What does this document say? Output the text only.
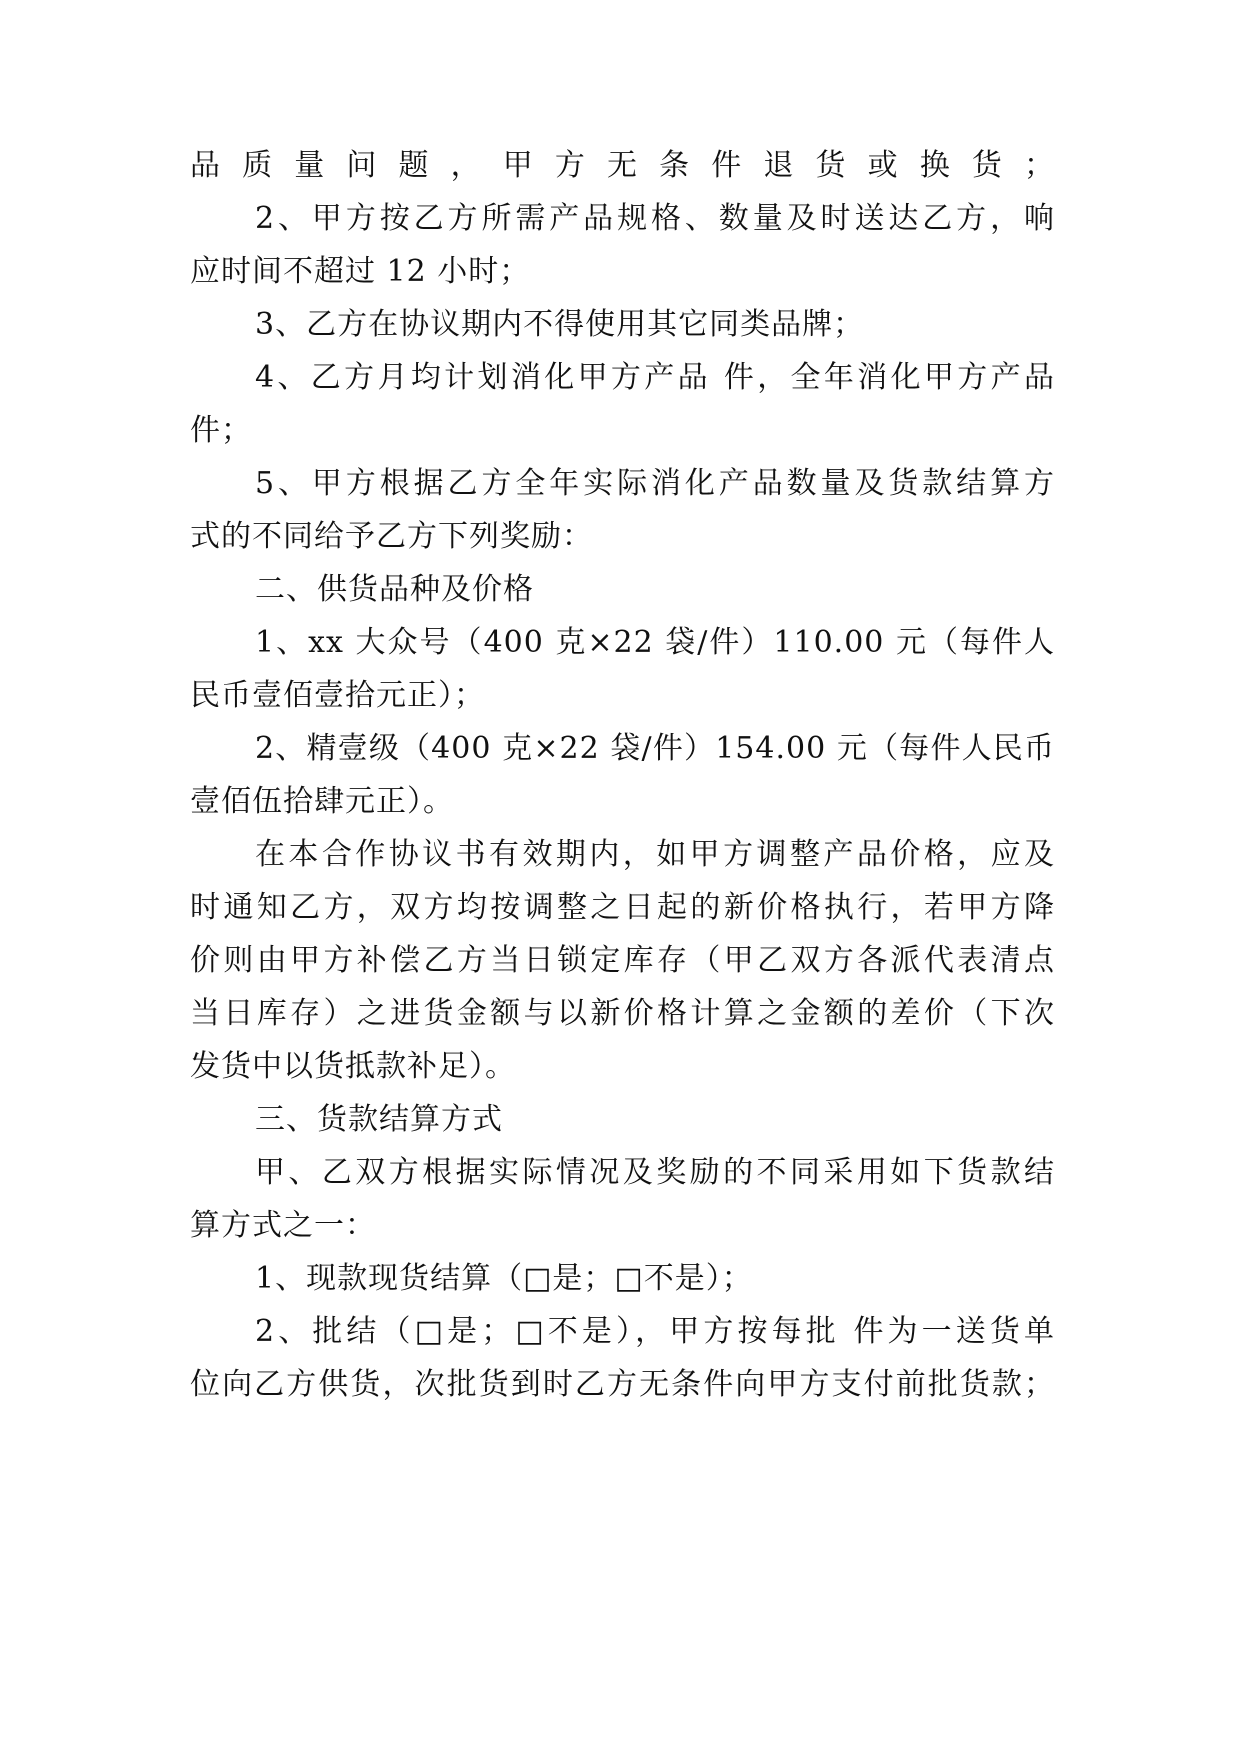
品质量问题，甲方无条件退货或换货；
2、甲方按乙方所需产品规格、数量及时送达乙方，响
应时间不超过 12 小时；
3、乙方在协议期内不得使用其它同类品牌；
4、乙方月均计划消化甲方产品 件，全年消化甲方产品
件；
5、甲方根据乙方全年实际消化产品数量及货款结算方
式的不同给予乙方下列奖励：
二、供货品种及价格
1、xx 大众号（400 克×22 袋/件）110.00 元（每件人
民币壹佰壹拾元正）；
2、精壹级（400 克×22 袋/件）154.00 元（每件人民币
壹佰伍拾肆元正）。
在本合作协议书有效期内，如甲方调整产品价格，应及
时通知乙方，双方均按调整之日起的新价格执行，若甲方降
价则由甲方补偿乙方当日锁定库存（甲乙双方各派代表清点
当日库存）之进货金额与以新价格计算之金额的差价（下次
发货中以货抵款补足）。
三、货款结算方式
甲、乙双方根据实际情况及奖励的不同采用如下货款结
算方式之一：
1、现款现货结算（□是；□不是）；
2、批结（□是；□不是），甲方按每批 件为一送货单
位向乙方供货，次批货到时乙方无条件向甲方支付前批货款；
